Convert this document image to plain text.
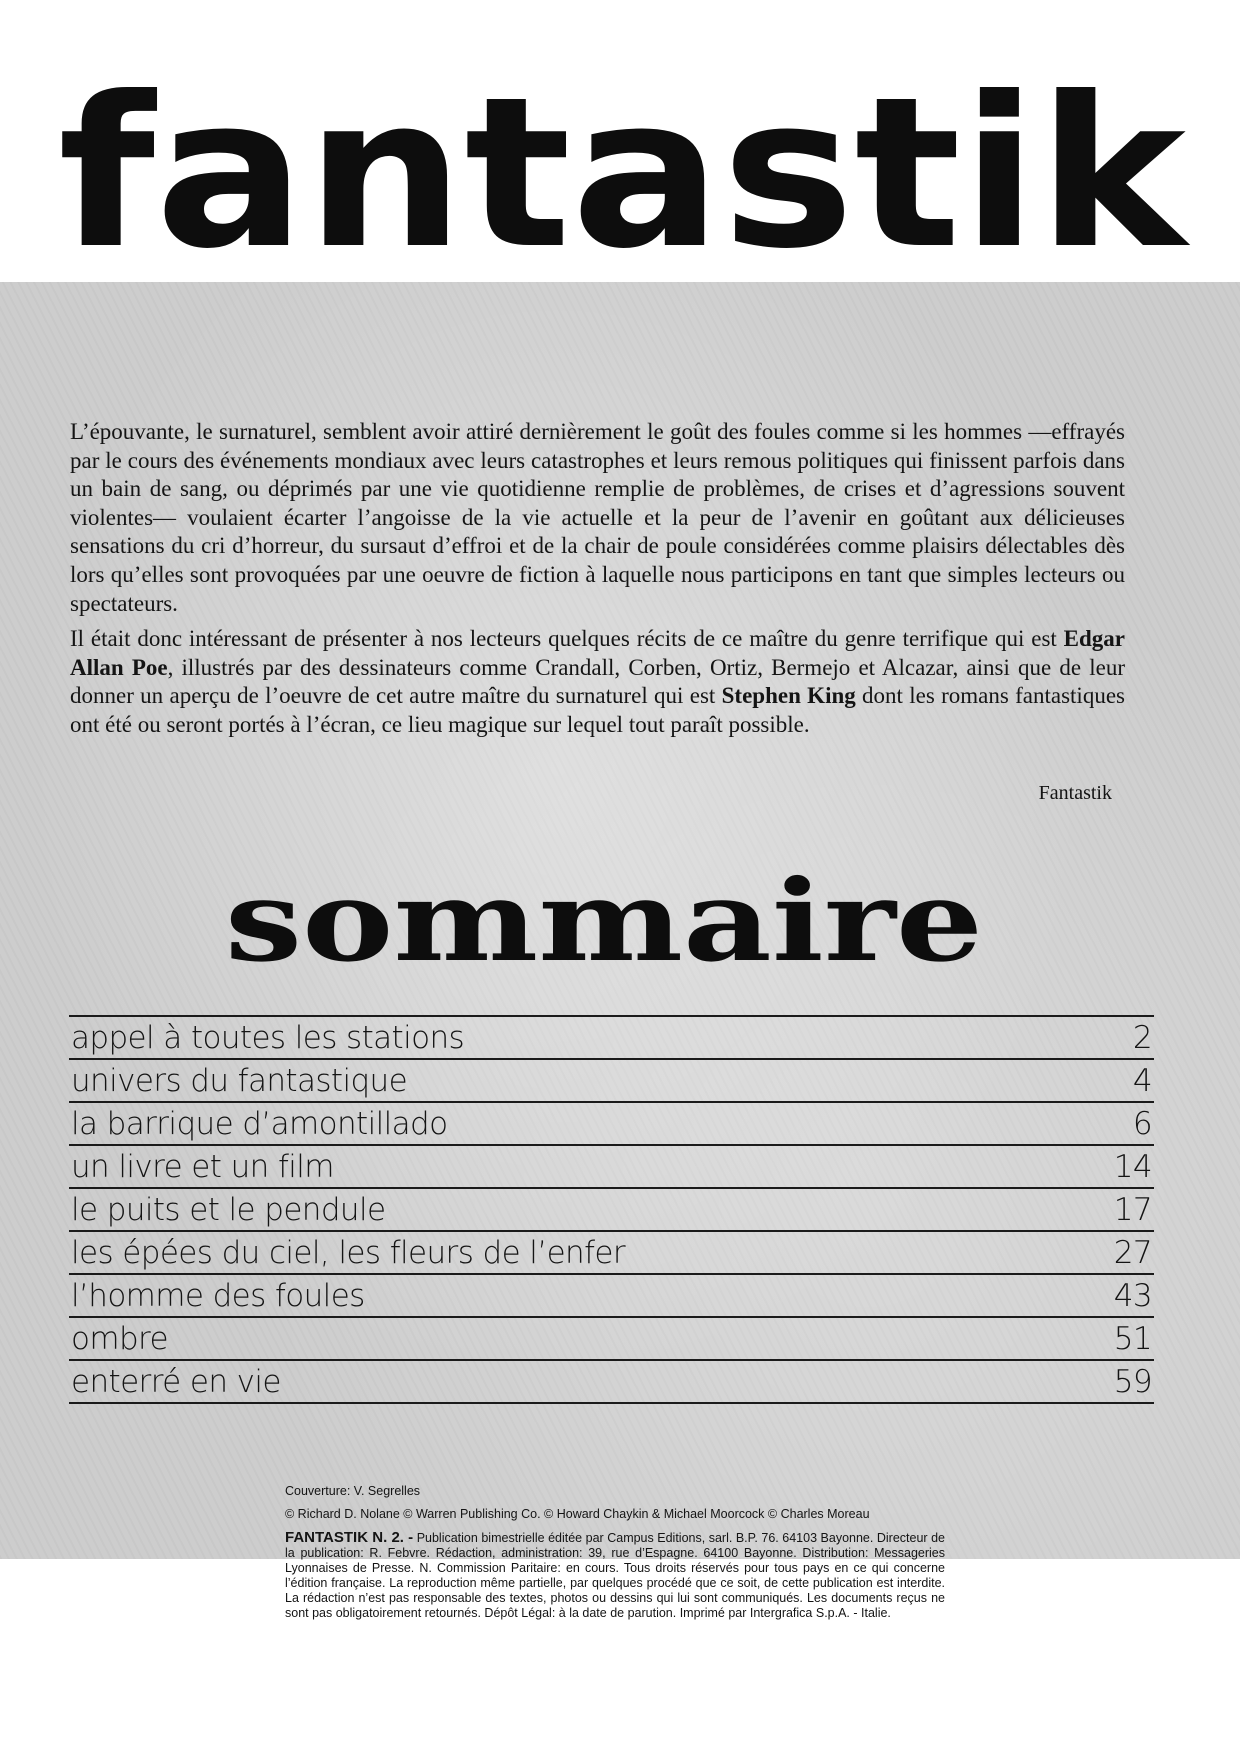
fantastik

L’épouvante, le surnaturel, semblent avoir attiré dernièrement le goût des foules comme si les hommes —effrayés par le cours des événements mondiaux avec leurs catastrophes et leurs remous politiques qui finissent parfois dans un bain de sang, ou déprimés par une vie quotidienne remplie de problèmes, de crises et d’agressions souvent violentes— voulaient écarter l’angoisse de la vie actuelle et la peur de l’avenir en goûtant aux délicieuses sensations du cri d’horreur, du sursaut d’effroi et de la chair de poule considérées comme plaisirs délectables dès lors qu’elles sont provoquées par une oeuvre de fiction à laquelle nous participons en tant que simples lecteurs ou spectateurs.

Il était donc intéressant de présenter à nos lecteurs quelques récits de ce maître du genre terrifique qui est Edgar Allan Poe, illustrés par des dessinateurs comme Crandall, Corben, Ortiz, Bermejo et Alcazar, ainsi que de leur donner un aperçu de l’oeuvre de cet autre maître du surnaturel qui est Stephen King dont les romans fantastiques ont été ou seront portés à l’écran, ce lieu magique sur lequel tout paraît possible.

Fantastik
sommaire
appel à toutes les stations	2
univers du fantastique	4
la barrique d’amontillado	6
un livre et un film	14
le puits et le pendule	17
les épées du ciel, les fleurs de l’enfer	27
l’homme des foules	43
ombre	51
enterré en vie	59
Couverture: V. Segrelles
© Richard D. Nolane © Warren Publishing Co. © Howard Chaykin & Michael Moorcock © Charles Moreau
FANTASTIK N. 2. - Publication bimestrielle éditée par Campus Editions, sarl. B.P. 76. 64103 Bayonne. Directeur de la publication: R. Febvre. Rédaction, administration: 39, rue d’Espagne. 64100 Bayonne. Distribution: Messageries Lyonnaises de Presse. N. Commission Paritaire: en cours. Tous droits réservés pour tous pays en ce qui concerne l’édition française. La reproduction même partielle, par quelques procédé que ce soit, de cette publication est interdite. La rédaction n’est pas responsable des textes, photos ou dessins qui lui sont communiqués. Les documents reçus ne sont pas obligatoirement retournés. Dépôt Légal: à la date de parution. Imprimé par Intergrafica S.p.A. - Italie.
